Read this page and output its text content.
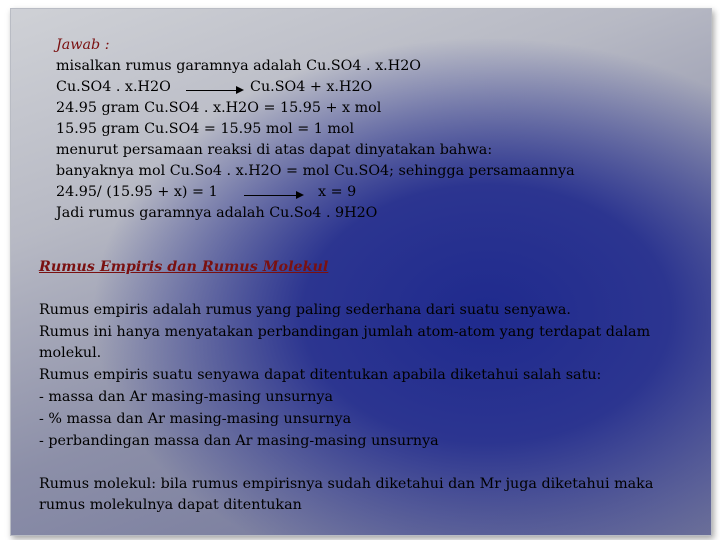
Jawab :
misalkan rumus garamnya adalah Cu.SO4 . x.H2O
Cu.SO4 . x.H2O → Cu.SO4 + x.H2O
24.95 gram Cu.SO4 . x.H2O = 15.95 + x mol
15.95 gram Cu.SO4 = 15.95 mol = 1 mol
menurut persamaan reaksi di atas dapat dinyatakan bahwa:
banyaknya mol Cu.So4 . x.H2O = mol Cu.SO4; sehingga persamaannya
24.95/ (15.95 + x) = 1	x = 9
Jadi rumus garamnya adalah Cu.So4 . 9H2O
Rumus Empiris dan Rumus Molekul
Rumus empiris adalah rumus yang paling sederhana dari suatu senyawa.
Rumus ini hanya menyatakan perbandingan jumlah atom-atom yang terdapat dalam
molekul.
Rumus empiris suatu senyawa dapat ditentukan apabila diketahui salah satu:
- massa dan Ar masing-masing unsurnya
- % massa dan Ar masing-masing unsurnya
- perbandingan massa dan Ar masing-masing unsurnya
Rumus molekul: bila rumus empirisnya sudah diketahui dan Mr juga diketahui maka
rumus molekulnya dapat ditentukan
